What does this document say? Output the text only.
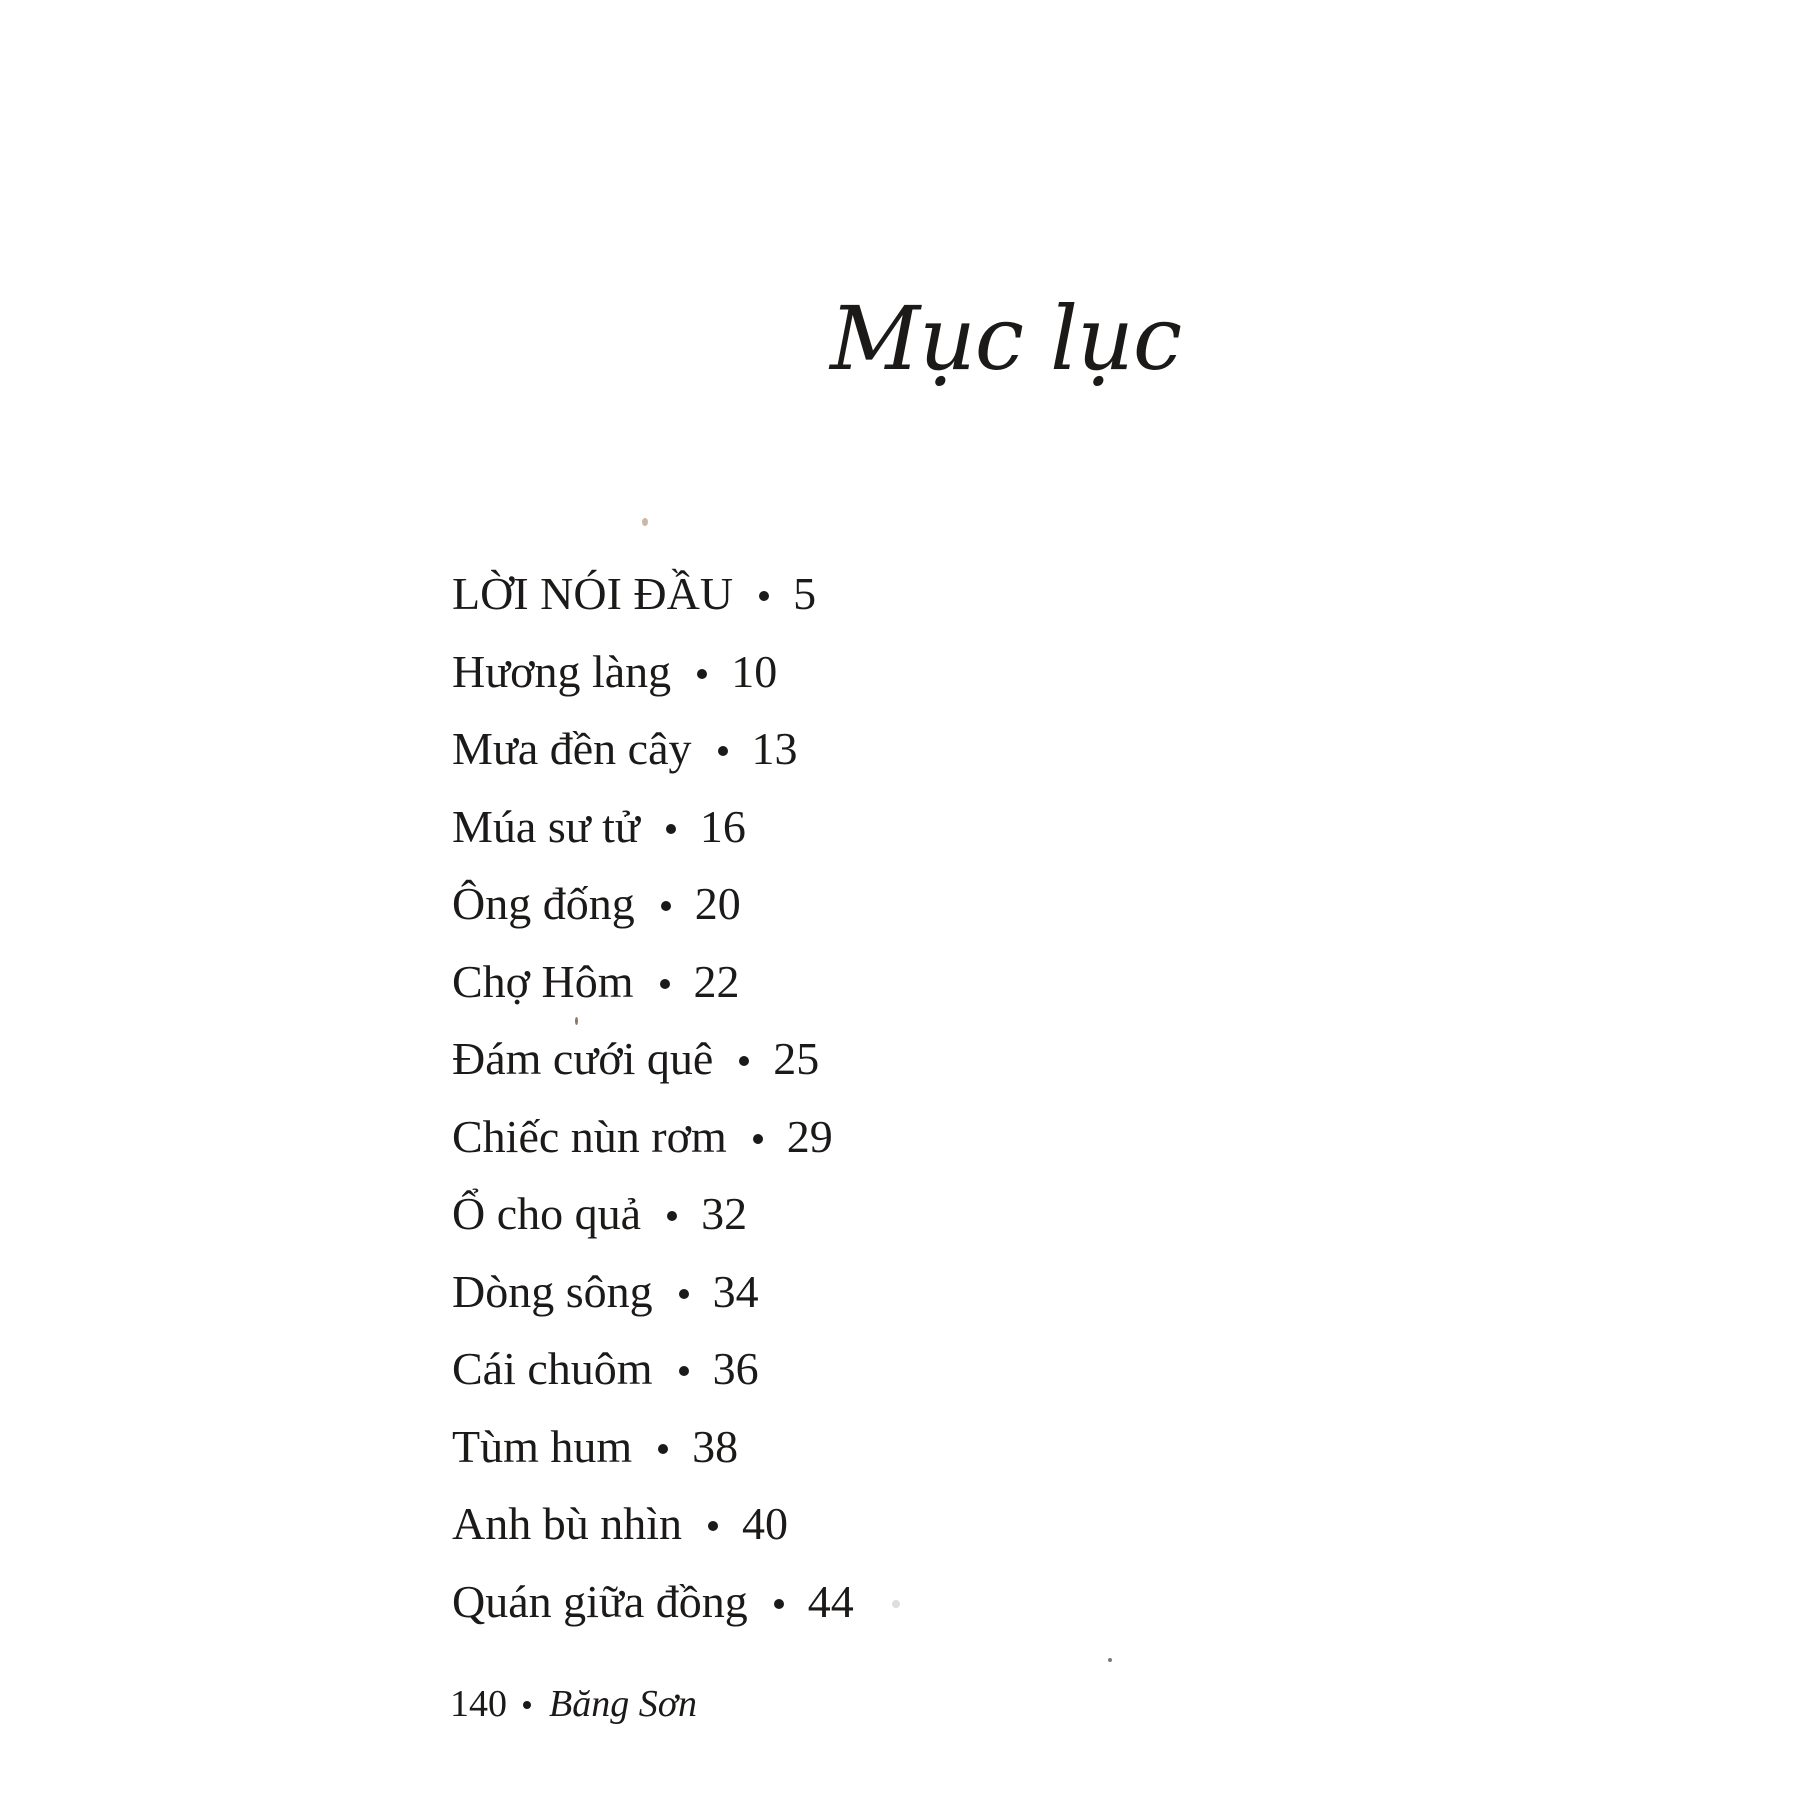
Mục lục
LỜI NÓI ĐẦU 5
Hương làng 10
Mưa đền cây 13
Múa sư tử 16
Ông đống 20
Chợ Hôm 22
Đám cưới quê 25
Chiếc nùn rơm 29
Ổ cho quả 32
Dòng sông 34
Cái chuôm 36
Tùm hum 38
Anh bù nhìn 40
Quán giữa đồng 44
140 Băng Sơn
